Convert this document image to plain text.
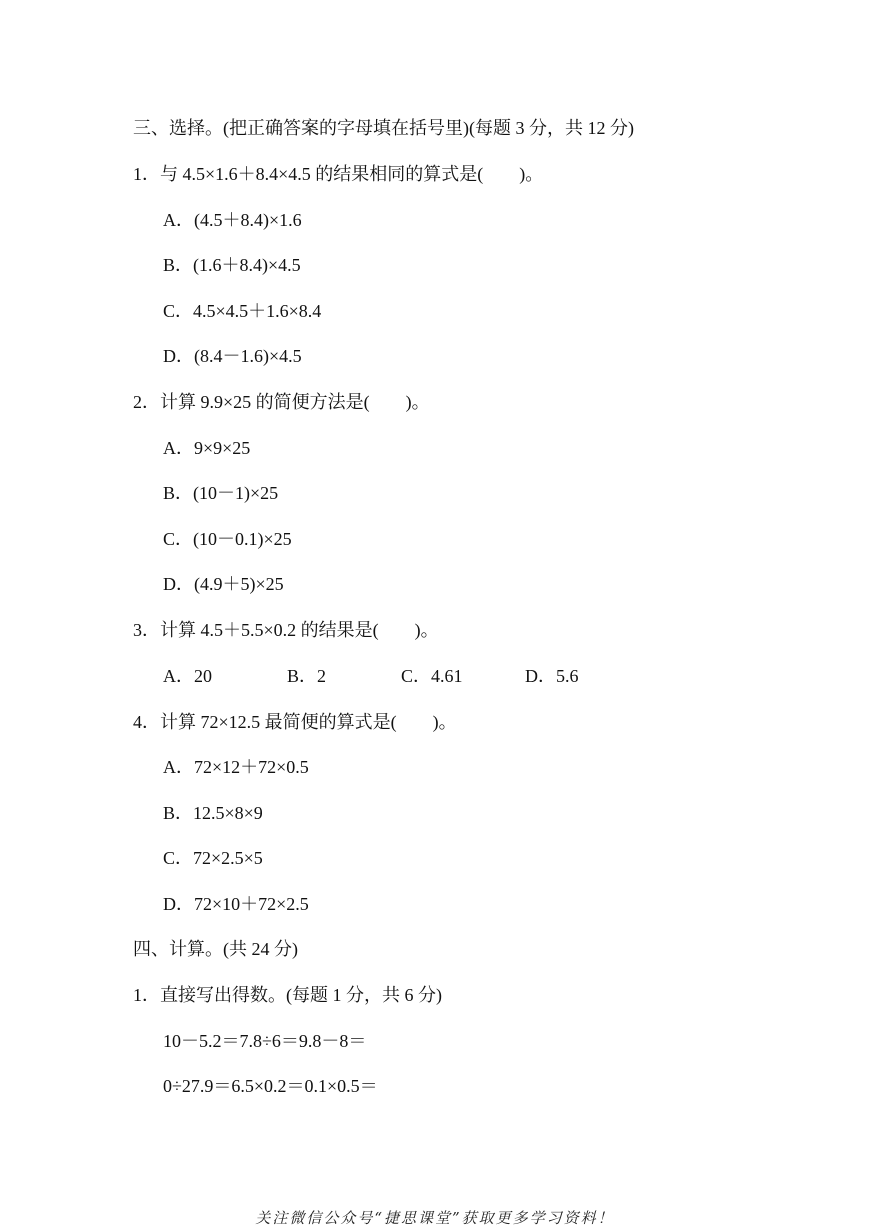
三、选择。(把正确答案的字母填在括号里)(每题 3 分，共 12 分)
1．与 4.5×1.6＋8.4×4.5 的结果相同的算式是(　　)。
A．(4.5＋8.4)×1.6
B．(1.6＋8.4)×4.5
C．4.5×4.5＋1.6×8.4
D．(8.4－1.6)×4.5
2．计算 9.9×25 的简便方法是(　　)。
A．9×9×25
B．(10－1)×25
C．(10－0.1)×25
D．(4.9＋5)×25
3．计算 4.5＋5.5×0.2 的结果是(　　)。
A．20	B．2	C．4.61	D．5.6
4．计算 72×12.5 最简便的算式是(　　)。
A．72×12＋72×0.5
B．12.5×8×9
C．72×2.5×5
D．72×10＋72×2.5
四、计算。(共 24 分)
1．直接写出得数。(每题 1 分，共 6 分)
10－5.2＝7.8÷6＝9.8－8＝
0÷27.9＝6.5×0.2＝0.1×0.5＝
关注微信公众号“捷思课堂”获取更多学习资料！
